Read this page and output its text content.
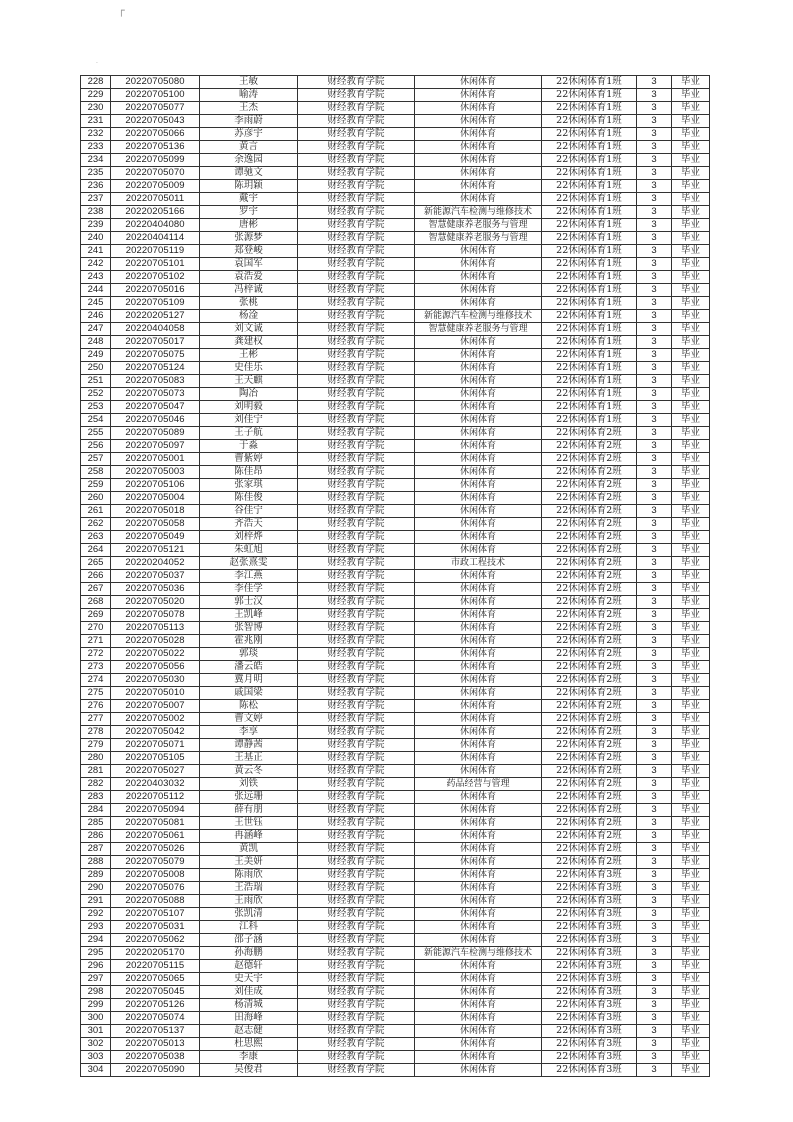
┌
·
228	20220705080	王敏	财经教育学院	休闲体育	22休闲体育1班	3	毕业
229	20220705100	喻涛	财经教育学院	休闲体育	22休闲体育1班	3	毕业
230	20220705077	王杰	财经教育学院	休闲体育	22休闲体育1班	3	毕业
231	20220705043	李雨蔚	财经教育学院	休闲体育	22休闲体育1班	3	毕业
232	20220705066	苏彦宇	财经教育学院	休闲体育	22休闲体育1班	3	毕业
233	20220705136	黄言	财经教育学院	休闲体育	22休闲体育1班	3	毕业
234	20220705099	余逸园	财经教育学院	休闲体育	22休闲体育1班	3	毕业
235	20220705070	谭驰文	财经教育学院	休闲体育	22休闲体育1班	3	毕业
236	20220705009	陈玥颖	财经教育学院	休闲体育	22休闲体育1班	3	毕业
237	20220705011	戴宇	财经教育学院	休闲体育	22休闲体育1班	3	毕业
238	20220205166	罗宇	财经教育学院	新能源汽车检测与维修技术	22休闲体育1班	3	毕业
239	20220404080	唐彬	财经教育学院	智慧健康养老服务与管理	22休闲体育1班	3	毕业
240	20220404114	张源梦	财经教育学院	智慧健康养老服务与管理	22休闲体育1班	3	毕业
241	20220705119	郑登峻	财经教育学院	休闲体育	22休闲体育1班	3	毕业
242	20220705101	袁国军	财经教育学院	休闲体育	22休闲体育1班	3	毕业
243	20220705102	袁浩爱	财经教育学院	休闲体育	22休闲体育1班	3	毕业
244	20220705016	冯梓诚	财经教育学院	休闲体育	22休闲体育1班	3	毕业
245	20220705109	张桃	财经教育学院	休闲体育	22休闲体育1班	3	毕业
246	20220205127	杨淦	财经教育学院	新能源汽车检测与维修技术	22休闲体育1班	3	毕业
247	20220404058	刘文诚	财经教育学院	智慧健康养老服务与管理	22休闲体育1班	3	毕业
248	20220705017	龚建权	财经教育学院	休闲体育	22休闲体育1班	3	毕业
249	20220705075	王彬	财经教育学院	休闲体育	22休闲体育1班	3	毕业
250	20220705124	史佳乐	财经教育学院	休闲体育	22休闲体育1班	3	毕业
251	20220705083	王天麒	财经教育学院	休闲体育	22休闲体育1班	3	毕业
252	20220705073	陶冶	财经教育学院	休闲体育	22休闲体育1班	3	毕业
253	20220705047	刘明毅	财经教育学院	休闲体育	22休闲体育1班	3	毕业
254	20220705046	刘佳宁	财经教育学院	休闲体育	22休闲体育1班	3	毕业
255	20220705089	王子航	财经教育学院	休闲体育	22休闲体育2班	3	毕业
256	20220705097	于淼	财经教育学院	休闲体育	22休闲体育2班	3	毕业
257	20220705001	曹紫婷	财经教育学院	休闲体育	22休闲体育2班	3	毕业
258	20220705003	陈佳昂	财经教育学院	休闲体育	22休闲体育2班	3	毕业
259	20220705106	张家琪	财经教育学院	休闲体育	22休闲体育2班	3	毕业
260	20220705004	陈佳俊	财经教育学院	休闲体育	22休闲体育2班	3	毕业
261	20220705018	谷佳宁	财经教育学院	休闲体育	22休闲体育2班	3	毕业
262	20220705058	齐浩天	财经教育学院	休闲体育	22休闲体育2班	3	毕业
263	20220705049	刘梓烨	财经教育学院	休闲体育	22休闲体育2班	3	毕业
264	20220705121	朱虹旭	财经教育学院	休闲体育	22休闲体育2班	3	毕业
265	20220204052	赵张熹雯	财经教育学院	市政工程技术	22休闲体育2班	3	毕业
266	20220705037	李江燕	财经教育学院	休闲体育	22休闲体育2班	3	毕业
267	20220705036	李佳学	财经教育学院	休闲体育	22休闲体育2班	3	毕业
268	20220705020	郭士汉	财经教育学院	休闲体育	22休闲体育2班	3	毕业
269	20220705078	王凯峰	财经教育学院	休闲体育	22休闲体育2班	3	毕业
270	20220705113	张智博	财经教育学院	休闲体育	22休闲体育2班	3	毕业
271	20220705028	霍兆刚	财经教育学院	休闲体育	22休闲体育2班	3	毕业
272	20220705022	郭琰	财经教育学院	休闲体育	22休闲体育2班	3	毕业
273	20220705056	潘云皓	财经教育学院	休闲体育	22休闲体育2班	3	毕业
274	20220705030	冀月明	财经教育学院	休闲体育	22休闲体育2班	3	毕业
275	20220705010	戚国梁	财经教育学院	休闲体育	22休闲体育2班	3	毕业
276	20220705007	陈松	财经教育学院	休闲体育	22休闲体育2班	3	毕业
277	20220705002	曹文婷	财经教育学院	休闲体育	22休闲体育2班	3	毕业
278	20220705042	李享	财经教育学院	休闲体育	22休闲体育2班	3	毕业
279	20220705071	谭静茜	财经教育学院	休闲体育	22休闲体育2班	3	毕业
280	20220705105	王基正	财经教育学院	休闲体育	22休闲体育2班	3	毕业
281	20220705027	黄云冬	财经教育学院	休闲体育	22休闲体育2班	3	毕业
282	20220403032	刘铁	财经教育学院	药品经营与管理	22休闲体育2班	3	毕业
283	20220705112	张远珊	财经教育学院	休闲体育	22休闲体育2班	3	毕业
284	20220705094	薛有朋	财经教育学院	休闲体育	22休闲体育2班	3	毕业
285	20220705081	王世钰	财经教育学院	休闲体育	22休闲体育2班	3	毕业
286	20220705061	冉涵峰	财经教育学院	休闲体育	22休闲体育2班	3	毕业
287	20220705026	黄凯	财经教育学院	休闲体育	22休闲体育2班	3	毕业
288	20220705079	王美妍	财经教育学院	休闲体育	22休闲体育2班	3	毕业
289	20220705008	陈雨欣	财经教育学院	休闲体育	22休闲体育3班	3	毕业
290	20220705076	王浩瑞	财经教育学院	休闲体育	22休闲体育3班	3	毕业
291	20220705088	王雨欣	财经教育学院	休闲体育	22休闲体育3班	3	毕业
292	20220705107	张凯清	财经教育学院	休闲体育	22休闲体育3班	3	毕业
293	20220705031	江科	财经教育学院	休闲体育	22休闲体育3班	3	毕业
294	20220705062	邵子涵	财经教育学院	休闲体育	22休闲体育3班	3	毕业
295	20220205170	孙海鹏	财经教育学院	新能源汽车检测与维修技术	22休闲体育3班	3	毕业
296	20220705115	赵德轩	财经教育学院	休闲体育	22休闲体育3班	3	毕业
297	20220705065	史天宇	财经教育学院	休闲体育	22休闲体育3班	3	毕业
298	20220705045	刘佳成	财经教育学院	休闲体育	22休闲体育3班	3	毕业
299	20220705126	杨清城	财经教育学院	休闲体育	22休闲体育3班	3	毕业
300	20220705074	田海峰	财经教育学院	休闲体育	22休闲体育3班	3	毕业
301	20220705137	赵志健	财经教育学院	休闲体育	22休闲体育3班	3	毕业
302	20220705013	杜思熙	财经教育学院	休闲体育	22休闲体育3班	3	毕业
303	20220705038	李康	财经教育学院	休闲体育	22休闲体育3班	3	毕业
304	20220705090	吴俊君	财经教育学院	休闲体育	22休闲体育3班	3	毕业
